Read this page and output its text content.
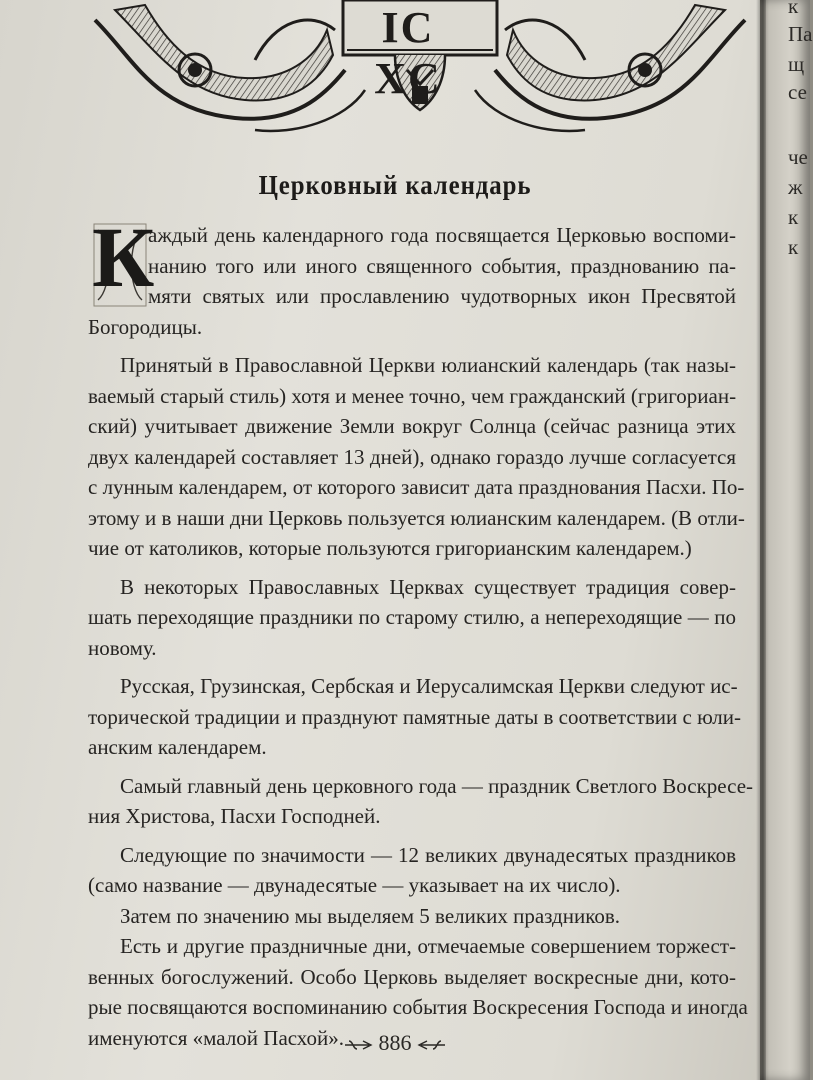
IC XC
Церковный календарь
К
аждый день календарного года посвящается Церковью воспоми-
нанию того или иного священного события, празднованию па-
мяти святых или прославлению чудотворных икон Пресвятой
Богородицы.
Принятый в Православной Церкви юлианский календарь (так назы-
ваемый старый стиль) хотя и менее точно, чем гражданский (григориан-
ский) учитывает движение Земли вокруг Солнца (сейчас разница этих
двух календарей составляет 13 дней), однако гораздо лучше согласуется
с лунным календарем, от которого зависит дата празднования Пасхи. По-
этому и в наши дни Церковь пользуется юлианским календарем. (В отли-
чие от католиков, которые пользуются григорианским календарем.)
В некоторых Православных Церквах существует традиция совер-
шать переходящие праздники по старому стилю, а непереходящие — по
новому.
Русская, Грузинская, Сербская и Иерусалимская Церкви следуют ис-
торической традиции и празднуют памятные даты в соответствии с юли-
анским календарем.
Самый главный день церковного года — праздник Светлого Воскресе-
ния Христова, Пасхи Господней.
Следующие по значимости — 12 великих двунадесятых праздников
(само название — двунадесятые — указывает на их число).
Затем по значению мы выделяем 5 великих праздников.
Есть и другие праздничные дни, отмечаемые совершением торжест-
венных богослужений. Особо Церковь выделяет воскресные дни, кото-
рые посвящаются воспоминанию события Воскресения Господа и иногда
именуются «малой Пасхой».	886
к
Па
щ
се
че
ж
к
к
